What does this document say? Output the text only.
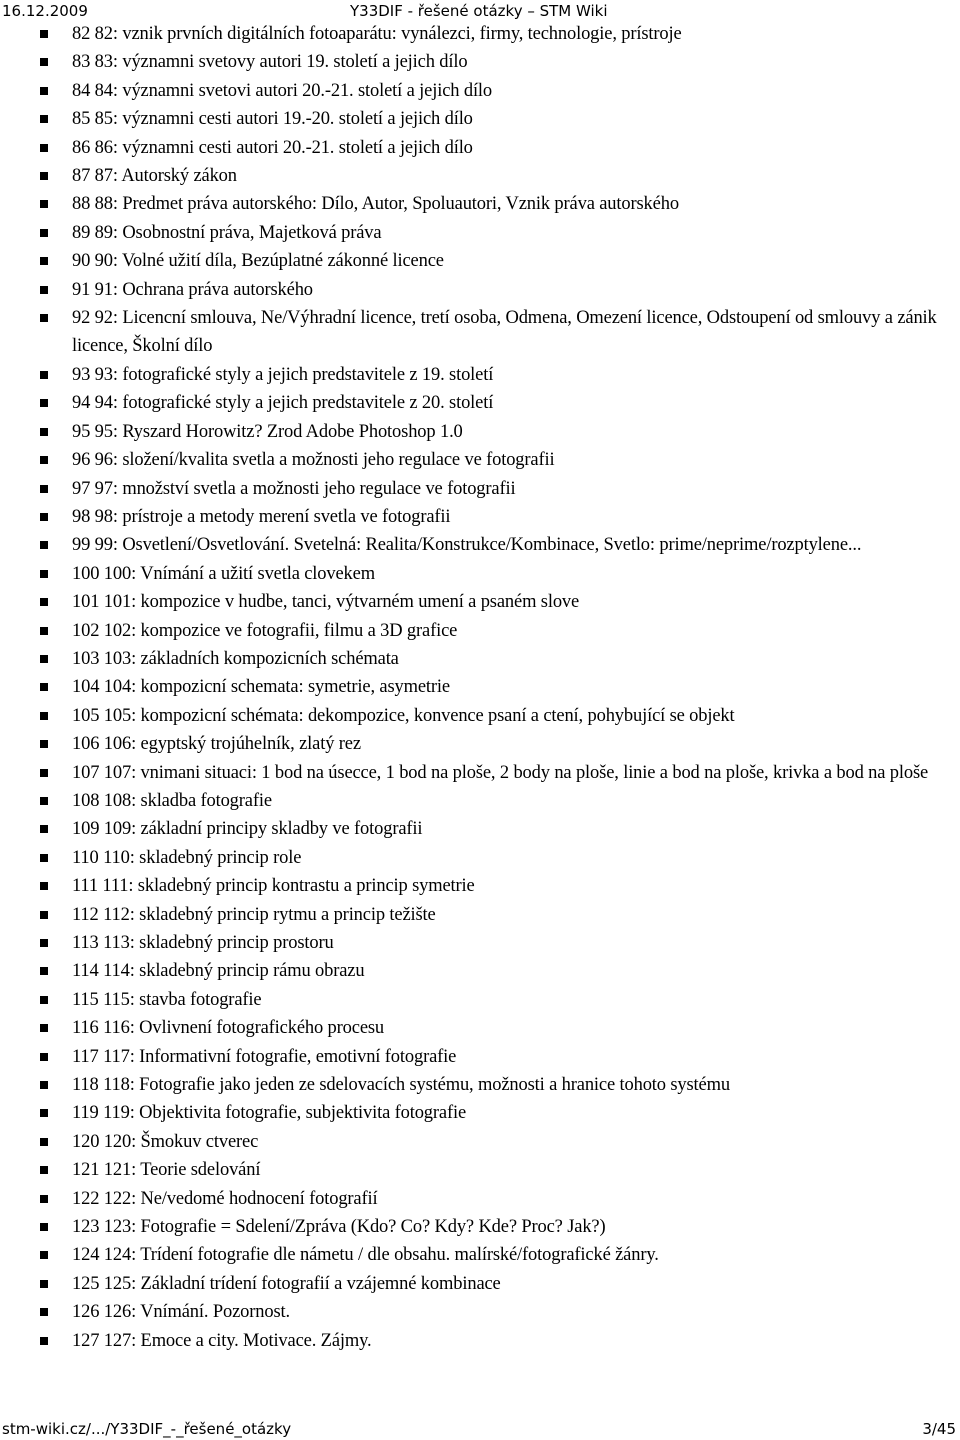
16.12.2009	Y33DIF - řešené otázky – STM Wiki
82 82: vznik prvních digitálních fotoaparátu: vynálezci, firmy, technologie, prístroje
83 83: významni svetovy autori 19. století a jejich dílo
84 84: významni svetovi autori 20.-21. století a jejich dílo
85 85: významni cesti autori 19.-20. století a jejich dílo
86 86: významni cesti autori 20.-21. století a jejich dílo
87 87: Autorský zákon
88 88: Predmet práva autorského: Dílo, Autor, Spoluautori, Vznik práva autorského
89 89: Osobnostní práva, Majetková práva
90 90: Volné užití díla, Bezúplatné zákonné licence
91 91: Ochrana práva autorského
92 92: Licencní smlouva, Ne/Výhradní licence, tretí osoba, Odmena, Omezení licence, Odstoupení od smlouvy a zánik licence, Školní dílo
93 93: fotografické styly a jejich predstavitele z 19. století
94 94: fotografické styly a jejich predstavitele z 20. století
95 95: Ryszard Horowitz? Zrod Adobe Photoshop 1.0
96 96: složení/kvalita svetla a možnosti jeho regulace ve fotografii
97 97: množství svetla a možnosti jeho regulace ve fotografii
98 98: prístroje a metody merení svetla ve fotografii
99 99: Osvetlení/Osvetlování. Svetelná: Realita/Konstrukce/Kombinace, Svetlo: prime/neprime/rozptylene...
100 100: Vnímání a užití svetla clovekem
101 101: kompozice v hudbe, tanci, výtvarném umení a psaném slove
102 102: kompozice ve fotografii, filmu a 3D grafice
103 103: základních kompozicních schémata
104 104: kompozicní schemata: symetrie, asymetrie
105 105: kompozicní schémata: dekompozice, konvence psaní a ctení, pohybující se objekt
106 106: egyptský trojúhelník, zlatý rez
107 107: vnimani situaci: 1 bod na úsecce, 1 bod na ploše, 2 body na ploše, linie a bod na ploše, krivka a bod na ploše
108 108: skladba fotografie
109 109: základní principy skladby ve fotografii
110 110: skladebný princip role
111 111: skladebný princip kontrastu a princip symetrie
112 112: skladebný princip rytmu a princip težište
113 113: skladebný princip prostoru
114 114: skladebný princip rámu obrazu
115 115: stavba fotografie
116 116: Ovlivnení fotografického procesu
117 117: Informativní fotografie, emotivní fotografie
118 118: Fotografie jako jeden ze sdelovacích systému, možnosti a hranice tohoto systému
119 119: Objektivita fotografie, subjektivita fotografie
120 120: Šmokuv ctverec
121 121: Teorie sdelování
122 122: Ne/vedomé hodnocení fotografií
123 123: Fotografie = Sdelení/Zpráva (Kdo? Co? Kdy? Kde? Proc? Jak?)
124 124: Trídení fotografie dle námetu / dle obsahu. malírské/fotografické žánry.
125 125: Základní trídení fotografií a vzájemné kombinace
126 126: Vnímání. Pozornost.
127 127: Emoce a city. Motivace. Zájmy.
stm-wiki.cz/.../Y33DIF_-_řešené_otázky	3/45
